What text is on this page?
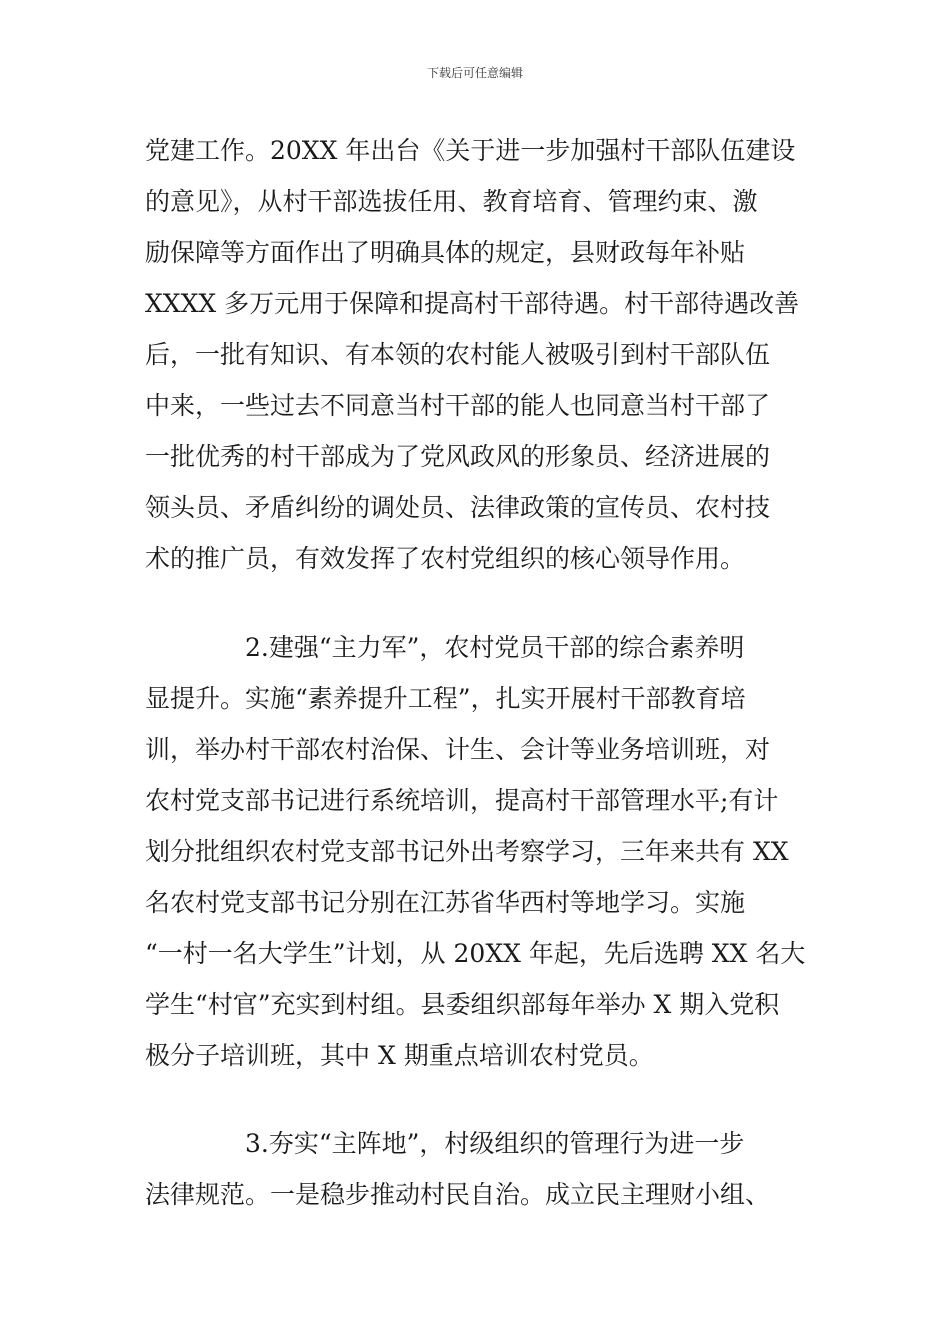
下载后可任意编辑
党建工作。20XX 年出台《关于进一步加强村干部队伍建设
的意见》，从村干部选拔任用、教育培育、管理约束、激
励保障等方面作出了明确具体的规定，县财政每年补贴
XXXX 多万元用于保障和提高村干部待遇。村干部待遇改善
后，一批有知识、有本领的农村能人被吸引到村干部队伍
中来，一些过去不同意当村干部的能人也同意当村干部了
一批优秀的村干部成为了党风政风的形象员、经济进展的
领头员、矛盾纠纷的调处员、法律政策的宣传员、农村技
术的推广员，有效发挥了农村党组织的核心领导作用。
2.建强“主力军”，农村党员干部的综合素养明
显提升。实施“素养提升工程”，扎实开展村干部教育培
训，举办村干部农村治保、计生、会计等业务培训班，对
农村党支部书记进行系统培训，提高村干部管理水平;有计
划分批组织农村党支部书记外出考察学习，三年来共有 XX
名农村党支部书记分别在江苏省华西村等地学习。实施
“一村一名大学生”计划，从 20XX 年起，先后选聘 XX 名大
学生“村官”充实到村组。县委组织部每年举办 X 期入党积
极分子培训班，其中 X 期重点培训农村党员。
3.夯实“主阵地”，村级组织的管理行为进一步
法律规范。一是稳步推动村民自治。成立民主理财小组、
